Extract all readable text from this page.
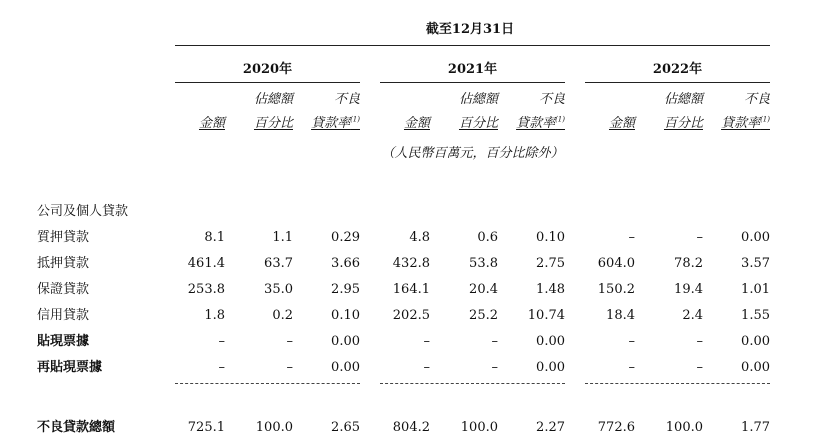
截至12月31日
2020年	2021年	2022年
佔總額	不良	佔總額	不良	佔總額	不良
金額	百分比	貸款率$^{(1)}$	金額	百分比	貸款率$^{(1)}$	金額	百分比	貸款率$^{(1)}$
（人民幣百萬元，百分比除外）
公司及個人貸款
質押貸款	8.1	1.1	0.29	4.8	0.6	0.10	–	–	0.00
抵押貸款	461.4	63.7	3.66	432.8	53.8	2.75	604.0	78.2	3.57
保證貸款	253.8	35.0	2.95	164.1	20.4	1.48	150.2	19.4	1.01
信用貸款	1.8	0.2	0.10	202.5	25.2	10.74	18.4	2.4	1.55
貼現票據	–	–	0.00	–	–	0.00	–	–	0.00
再貼現票據	–	–	0.00	–	–	0.00	–	–	0.00
不良貸款總額	725.1	100.0	2.65	804.2	100.0	2.27	772.6	100.0	1.77
